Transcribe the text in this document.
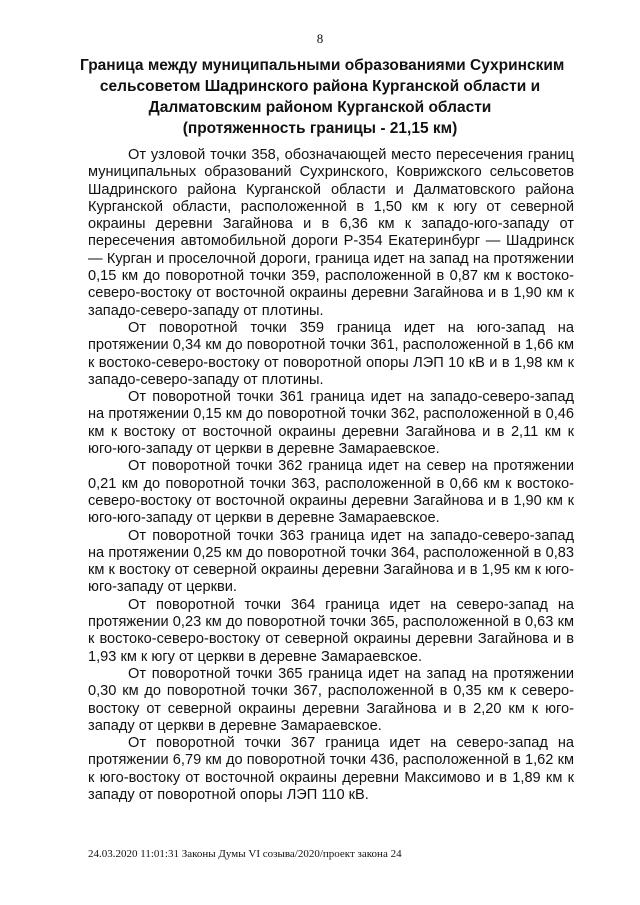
8
Граница между муниципальными образованиями Сухринским
сельсоветом Шадринского района Курганской области и
Далматовским районом Курганской области
(протяженность границы - 21,15 км)

От узловой точки 358, обозначающей место пересечения границ муниципальных образований Сухринского, Коврижского сельсоветов Шадринского района Курганской области и Далматовского района Курганской области, расположенной в 1,50 км к югу от северной окраины деревни Загайнова и в 6,36 км к западо-юго-западу от пересечения автомобильной дороги Р-354 Екатеринбург — Шадринск — Курган и проселочной дороги, граница идет на запад на протяжении 0,15 км до поворотной точки 359, расположенной в 0,87 км к востоко-северо-востоку от восточной окраины деревни Загайнова и в 1,90 км к западо-северо-западу от плотины.

От поворотной точки 359 граница идет на юго-запад на протяжении 0,34 км до поворотной точки 361, расположенной в 1,66 км к востоко-северо-востоку от поворотной опоры ЛЭП 10 кВ и в 1,98 км к западо-северо-западу от плотины.

От поворотной точки 361 граница идет на западо-северо-запад на протяжении 0,15 км до поворотной точки 362, расположенной в 0,46 км к востоку от восточной окраины деревни Загайнова и в 2,11 км к юго-юго-западу от церкви в деревне Замараевское.

От поворотной точки 362 граница идет на север на протяжении 0,21 км до поворотной точки 363, расположенной в 0,66 км к востоко-северо-востоку от восточной окраины деревни Загайнова и в 1,90 км к юго-юго-западу от церкви в деревне Замараевское.

От поворотной точки 363 граница идет на западо-северо-запад на протяжении 0,25 км до поворотной точки 364, расположенной в 0,83 км к востоку от северной окраины деревни Загайнова и в 1,95 км к юго-юго-западу от церкви.

От поворотной точки 364 граница идет на северо-запад на протяжении 0,23 км до поворотной точки 365, расположенной в 0,63 км к востоко-северо-востоку от северной окраины деревни Загайнова и в 1,93 км к югу от церкви в деревне Замараевское.

От поворотной точки 365 граница идет на запад на протяжении 0,30 км до поворотной точки 367, расположенной в 0,35 км к северо-востоку от северной окраины деревни Загайнова и в 2,20 км к юго-западу от церкви в деревне Замараевское.

От поворотной точки 367 граница идет на северо-запад на протяжении 6,79 км до поворотной точки 436, расположенной в 1,62 км к юго-востоку от восточной окраины деревни Максимово и в 1,89 км к западу от поворотной опоры ЛЭП 110 кВ.

24.03.2020 11:01:31 Законы Думы VI созыва/2020/проект закона 24
